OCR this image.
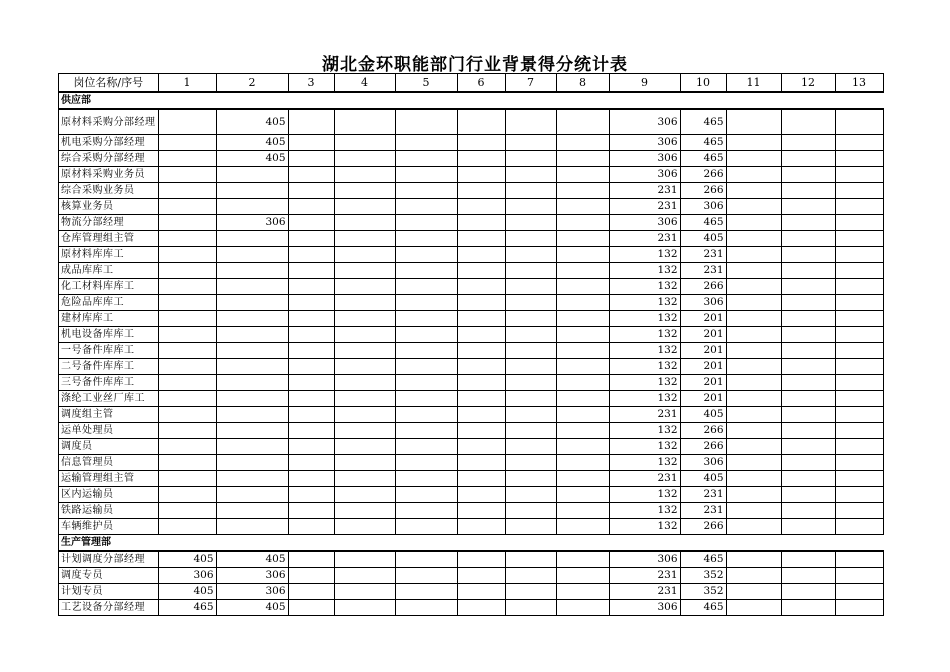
湖北金环职能部门行业背景得分统计表
岗位名称/序号	1	2	3	4	5	6	7	8	9	10	11	12	13
供应部													
原材料采购分部经理		405							306	465			
机电采购分部经理		405							306	465			
综合采购分部经理		405							306	465			
原材料采购业务员									306	266			
综合采购业务员									231	266			
核算业务员									231	306			
物流分部经理		306							306	465			
仓库管理组主管									231	405			
原材料库库工									132	231			
成品库库工									132	231			
化工材料库库工									132	266			
危险品库库工									132	306			
建材库库工									132	201			
机电设备库库工									132	201			
一号备件库库工									132	201			
二号备件库库工									132	201			
三号备件库库工									132	201			
涤纶工业丝厂库工									132	201			
调度组主管									231	405			
运单处理员									132	266			
调度员									132	266			
信息管理员									132	306			
运输管理组主管									231	405			
区内运输员									132	231			
铁路运输员									132	231			
车辆维护员									132	266			
生产管理部													
计划调度分部经理	405	405							306	465			
调度专员	306	306							231	352			
计划专员	405	306							231	352			
工艺设备分部经理	465	405							306	465			
